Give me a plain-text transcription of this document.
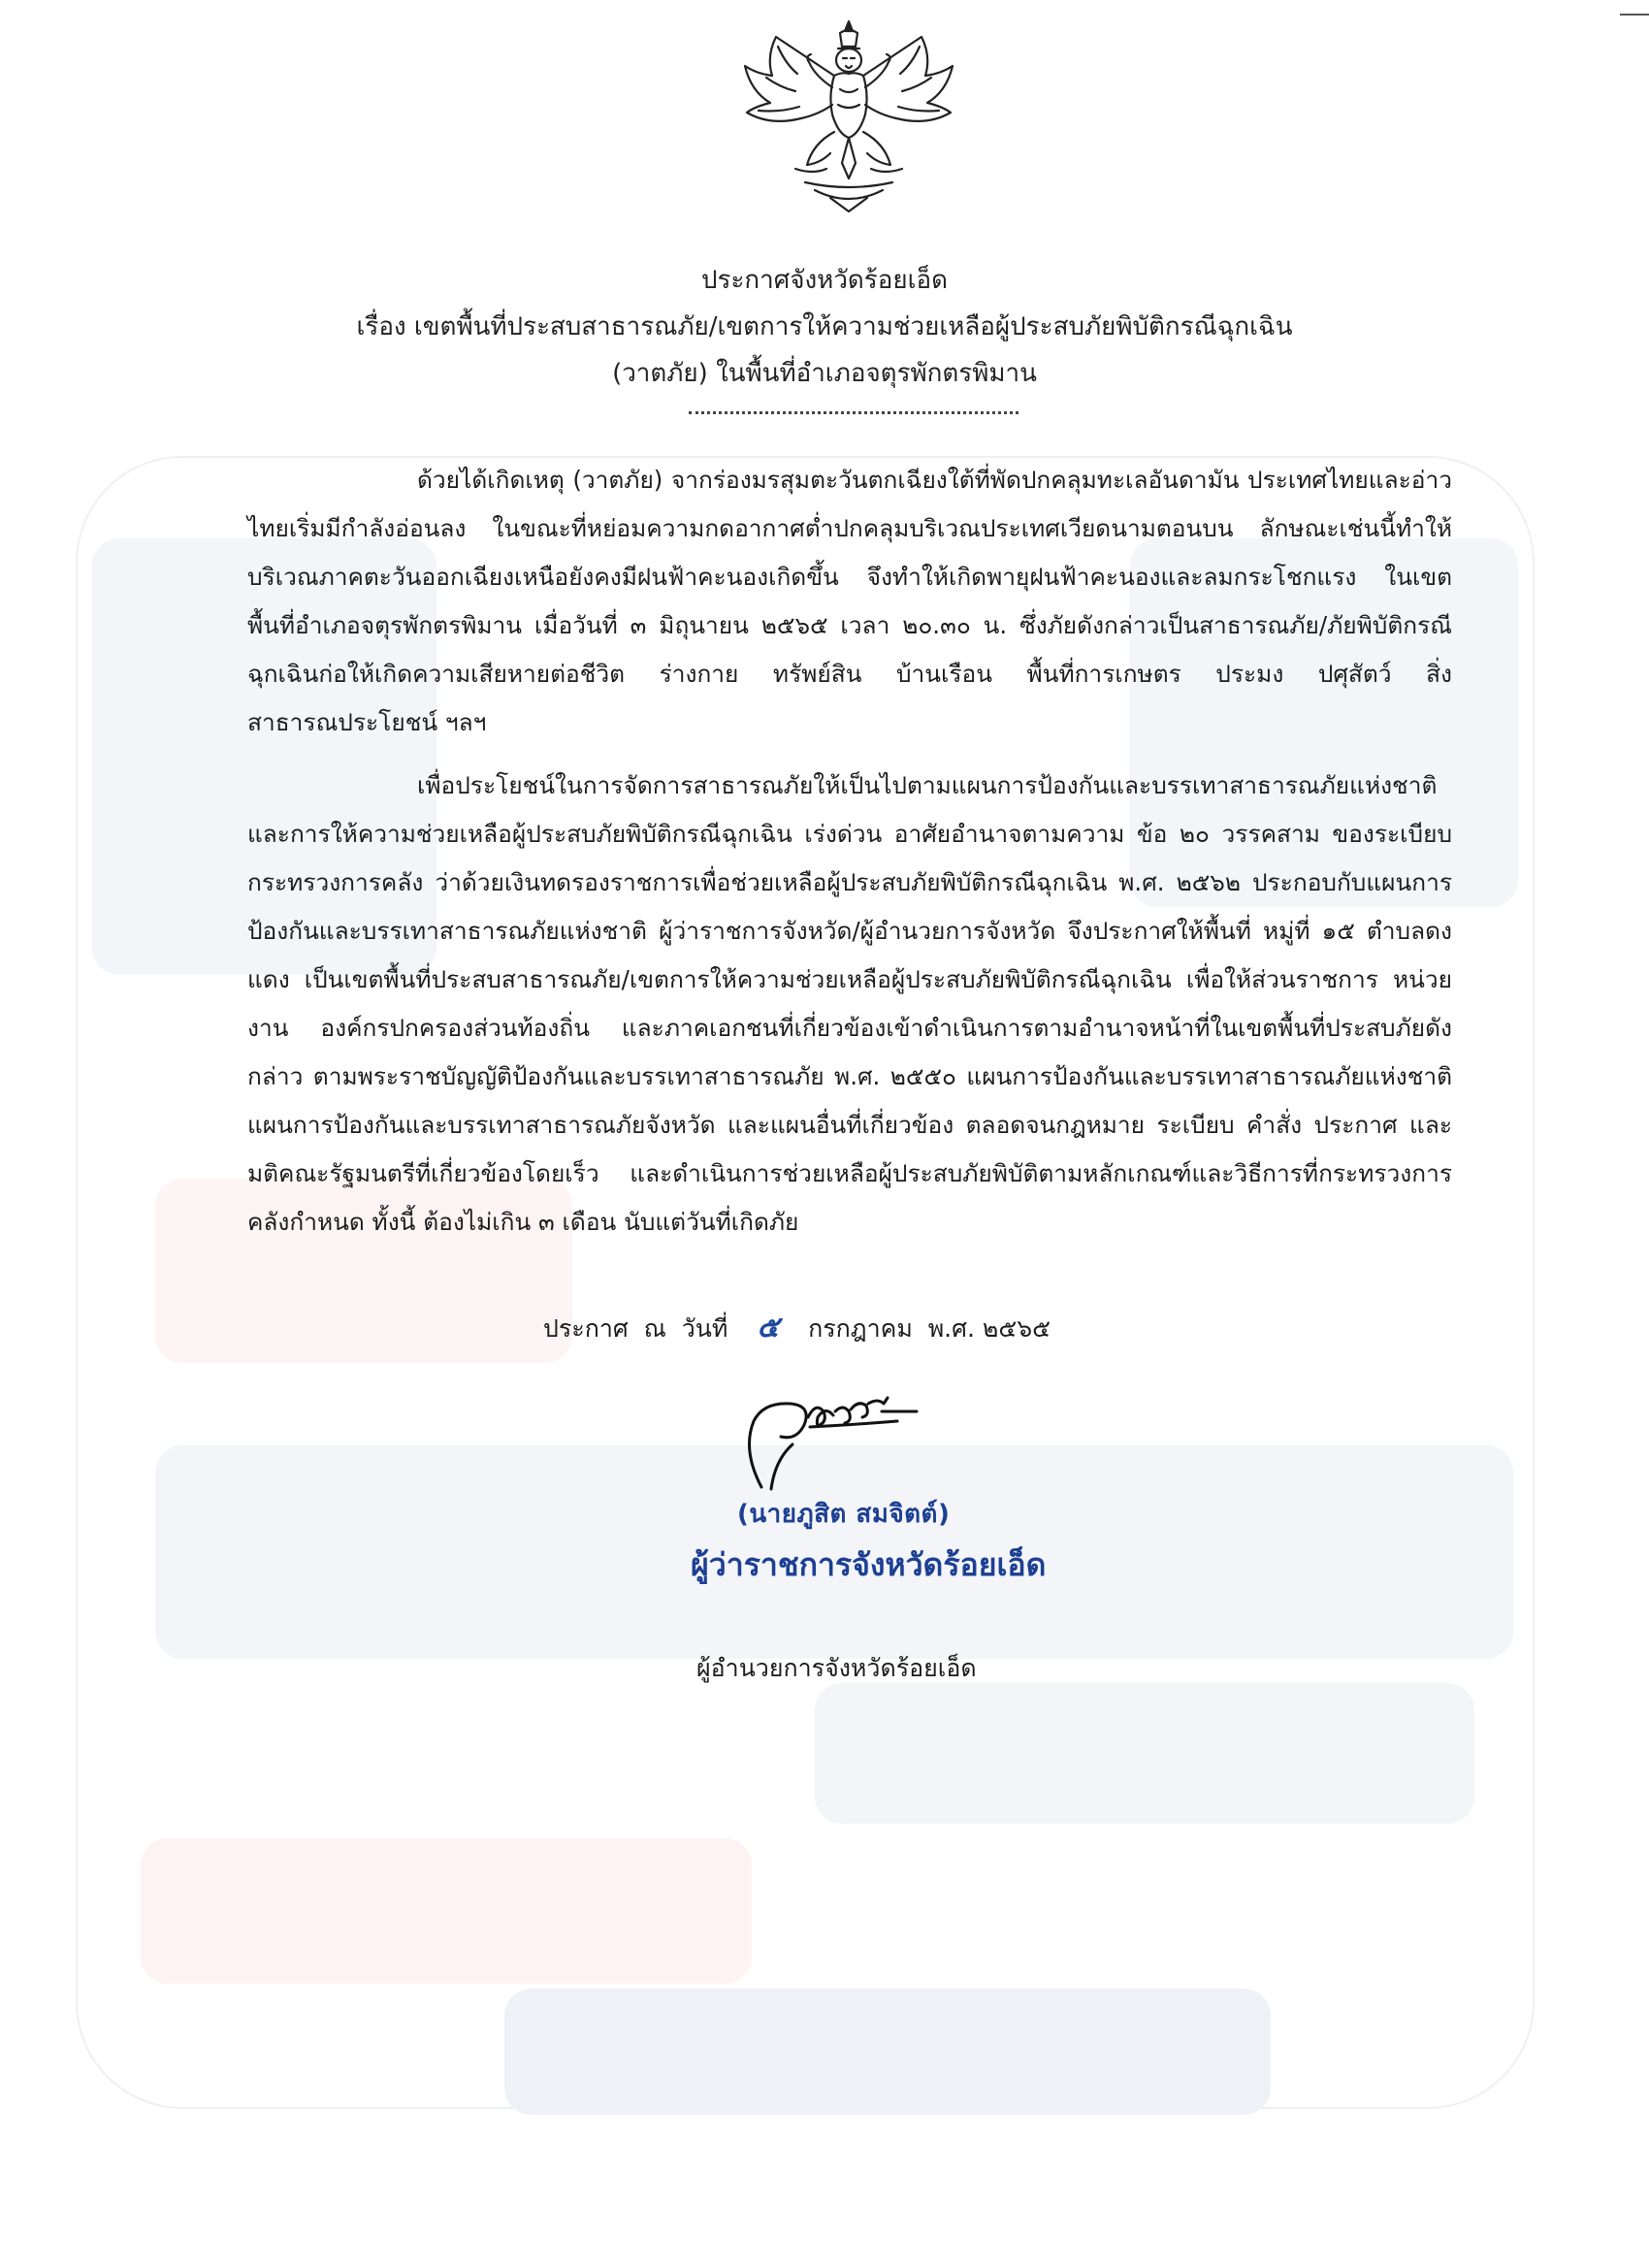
ประกาศจังหวัดร้อยเอ็ด
เรื่อง เขตพื้นที่ประสบสาธารณภัย/เขตการให้ความช่วยเหลือผู้ประสบภัยพิบัติกรณีฉุกเฉิน
(วาตภัย) ในพื้นที่อำเภอจตุรพักตรพิมาน
ด้วยได้เกิดเหตุ (วาตภัย) จากร่องมรสุมตะวันตกเฉียงใต้ที่พัดปกคลุมทะเลอันดามัน ประเทศไทยและอ่าวไทยเริ่มมีกำลังอ่อนลง ในขณะที่หย่อมความกดอากาศต่ำปกคลุมบริเวณประเทศเวียดนามตอนบน ลักษณะเช่นนี้ทำให้บริเวณภาคตะวันออกเฉียงเหนือยังคงมีฝนฟ้าคะนองเกิดขึ้น จึงทำให้เกิดพายุฝนฟ้าคะนองและลมกระโชกแรง ในเขตพื้นที่อำเภอจตุรพักตรพิมาน เมื่อวันที่ ๓ มิถุนายน ๒๕๖๕ เวลา ๒๐.๓๐ น. ซึ่งภัยดังกล่าวเป็นสาธารณภัย/ภัยพิบัติกรณีฉุกเฉินก่อให้เกิดความเสียหายต่อชีวิต ร่างกาย ทรัพย์สิน บ้านเรือน พื้นที่การเกษตร ประมง ปศุสัตว์ สิ่งสาธารณประโยชน์ ฯลฯ
เพื่อประโยชน์ในการจัดการสาธารณภัยให้เป็นไปตามแผนการป้องกันและบรรเทาสาธารณภัยแห่งชาติและการให้ความช่วยเหลือผู้ประสบภัยพิบัติกรณีฉุกเฉิน เร่งด่วน อาศัยอำนาจตามความ ข้อ ๒๐ วรรคสาม ของระเบียบกระทรวงการคลัง ว่าด้วยเงินทดรองราชการเพื่อช่วยเหลือผู้ประสบภัยพิบัติกรณีฉุกเฉิน พ.ศ. ๒๕๖๒ ประกอบกับแผนการป้องกันและบรรเทาสาธารณภัยแห่งชาติ ผู้ว่าราชการจังหวัด/ผู้อำนวยการจังหวัด จึงประกาศให้พื้นที่ หมู่ที่ ๑๕ ตำบลดงแดง เป็นเขตพื้นที่ประสบสาธารณภัย/เขตการให้ความช่วยเหลือผู้ประสบภัยพิบัติกรณีฉุกเฉิน เพื่อให้ส่วนราชการ หน่วยงาน องค์กรปกครองส่วนท้องถิ่น และภาคเอกชนที่เกี่ยวข้องเข้าดำเนินการตามอำนาจหน้าที่ในเขตพื้นที่ประสบภัยดังกล่าว ตามพระราชบัญญัติป้องกันและบรรเทาสาธารณภัย พ.ศ. ๒๕๕๐ แผนการป้องกันและบรรเทาสาธารณภัยแห่งชาติ แผนการป้องกันและบรรเทาสาธารณภัยจังหวัด และแผนอื่นที่เกี่ยวข้อง ตลอดจนกฎหมาย ระเบียบ คำสั่ง ประกาศ และมติคณะรัฐมนตรีที่เกี่ยวข้องโดยเร็ว และดำเนินการช่วยเหลือผู้ประสบภัยพิบัติตามหลักเกณฑ์และวิธีการที่กระทรวงการคลังกำหนด ทั้งนี้ ต้องไม่เกิน ๓ เดือน นับแต่วันที่เกิดภัย
ประกาศ  ณ  วันที่ ๕ กรกฎาคม  พ.ศ. ๒๕๖๕
(นายภูสิต สมจิตต์)
ผู้ว่าราชการจังหวัดร้อยเอ็ด
ผู้อำนวยการจังหวัดร้อยเอ็ด
